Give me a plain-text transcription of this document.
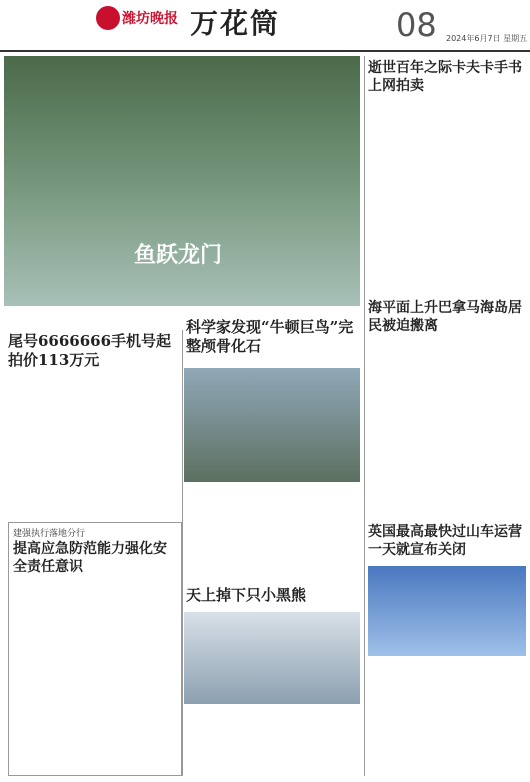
潍坊晚报 万花筒	08 2024年6月7日 星期五
鱼跃龙门
尾号6666666手机号起拍价113万元
建强执行落地分行
提高应急防范能力强化安全责任意识
科学家发现“牛顿巨鸟”完整颅骨化石
天上掉下只小黑熊
逝世百年之际卡夫卡手书上网拍卖
海平面上升巴拿马海岛居民被迫搬离
英国最高最快过山车运营一天就宣布关闭
